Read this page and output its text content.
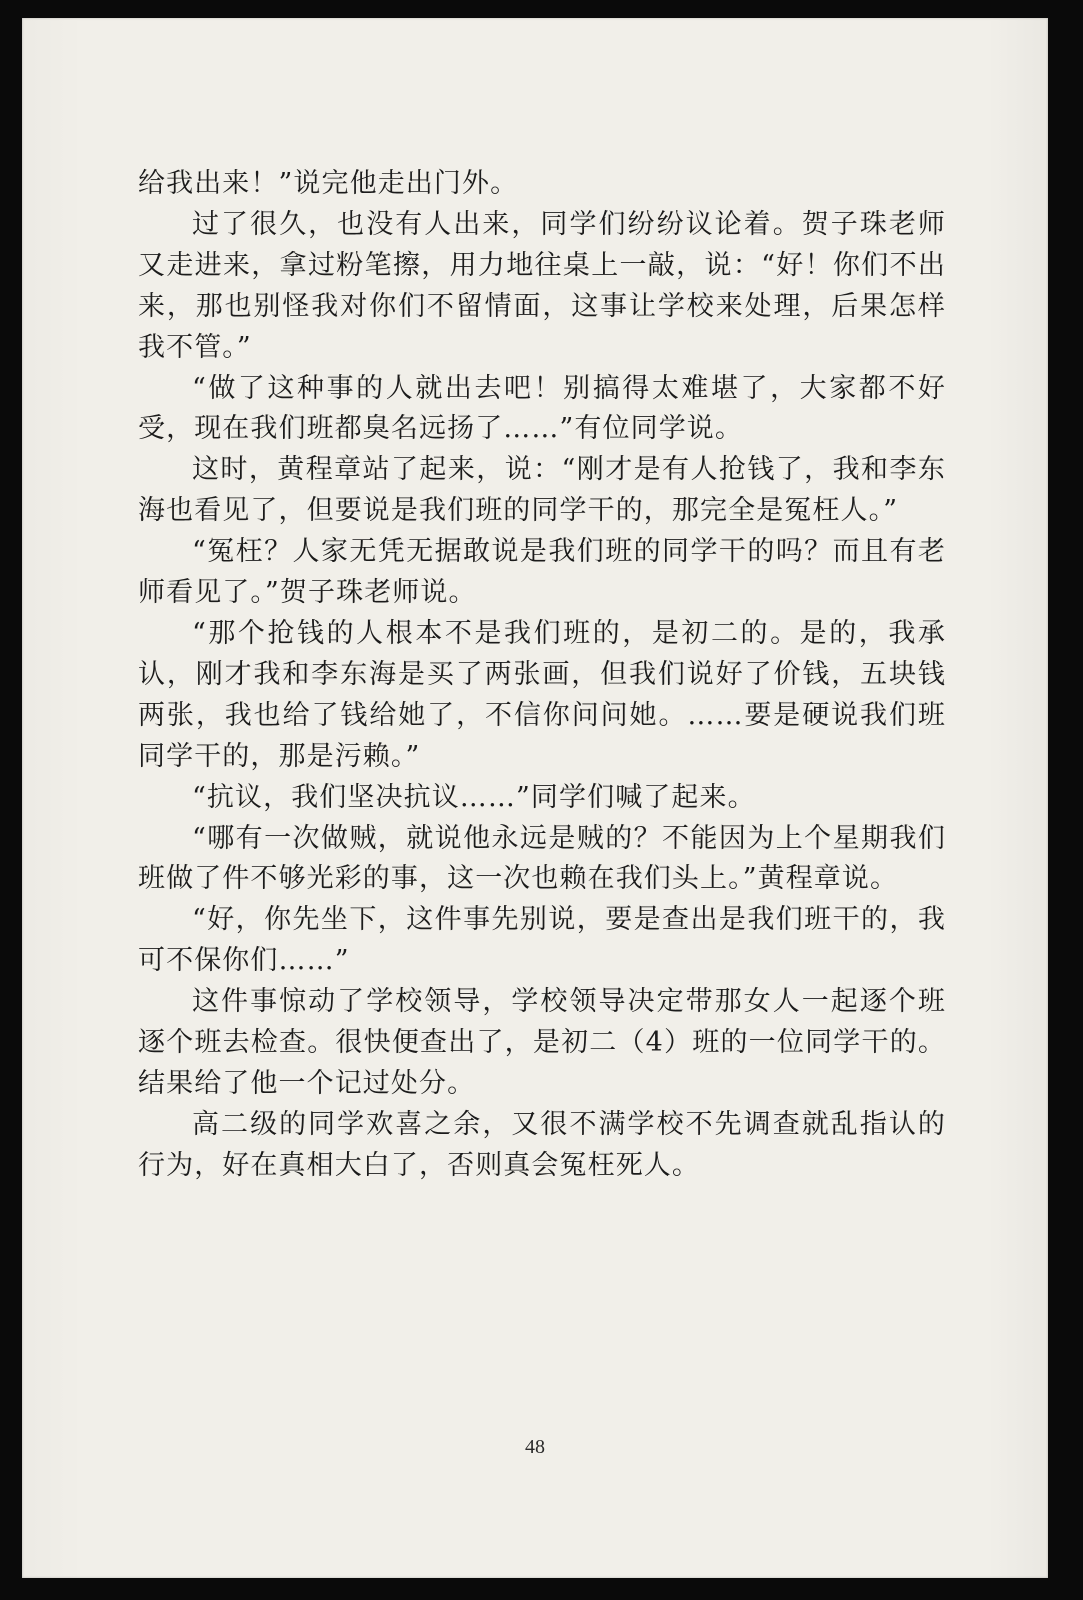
给我出来！”说完他走出门外。

过了很久，也没有人出来，同学们纷纷议论着。贺子珠老师又走进来，拿过粉笔擦，用力地往桌上一敲，说：“好！你们不出来，那也别怪我对你们不留情面，这事让学校来处理，后果怎样我不管。”

“做了这种事的人就出去吧！别搞得太难堪了，大家都不好受，现在我们班都臭名远扬了……”有位同学说。

这时，黄程章站了起来，说：“刚才是有人抢钱了，我和李东海也看见了，但要说是我们班的同学干的，那完全是冤枉人。”

“冤枉？人家无凭无据敢说是我们班的同学干的吗？而且有老师看见了。”贺子珠老师说。

“那个抢钱的人根本不是我们班的，是初二的。是的，我承认，刚才我和李东海是买了两张画，但我们说好了价钱，五块钱两张，我也给了钱给她了，不信你问问她。……要是硬说我们班同学干的，那是污赖。”

“抗议，我们坚决抗议……”同学们喊了起来。

“哪有一次做贼，就说他永远是贼的？不能因为上个星期我们班做了件不够光彩的事，这一次也赖在我们头上。”黄程章说。

“好，你先坐下，这件事先别说，要是查出是我们班干的，我可不保你们……”

这件事惊动了学校领导，学校领导决定带那女人一起逐个班逐个班去检查。很快便查出了，是初二（4）班的一位同学干的。结果给了他一个记过处分。

高二级的同学欢喜之余，又很不满学校不先调查就乱指认的行为，好在真相大白了，否则真会冤枉死人。

48
